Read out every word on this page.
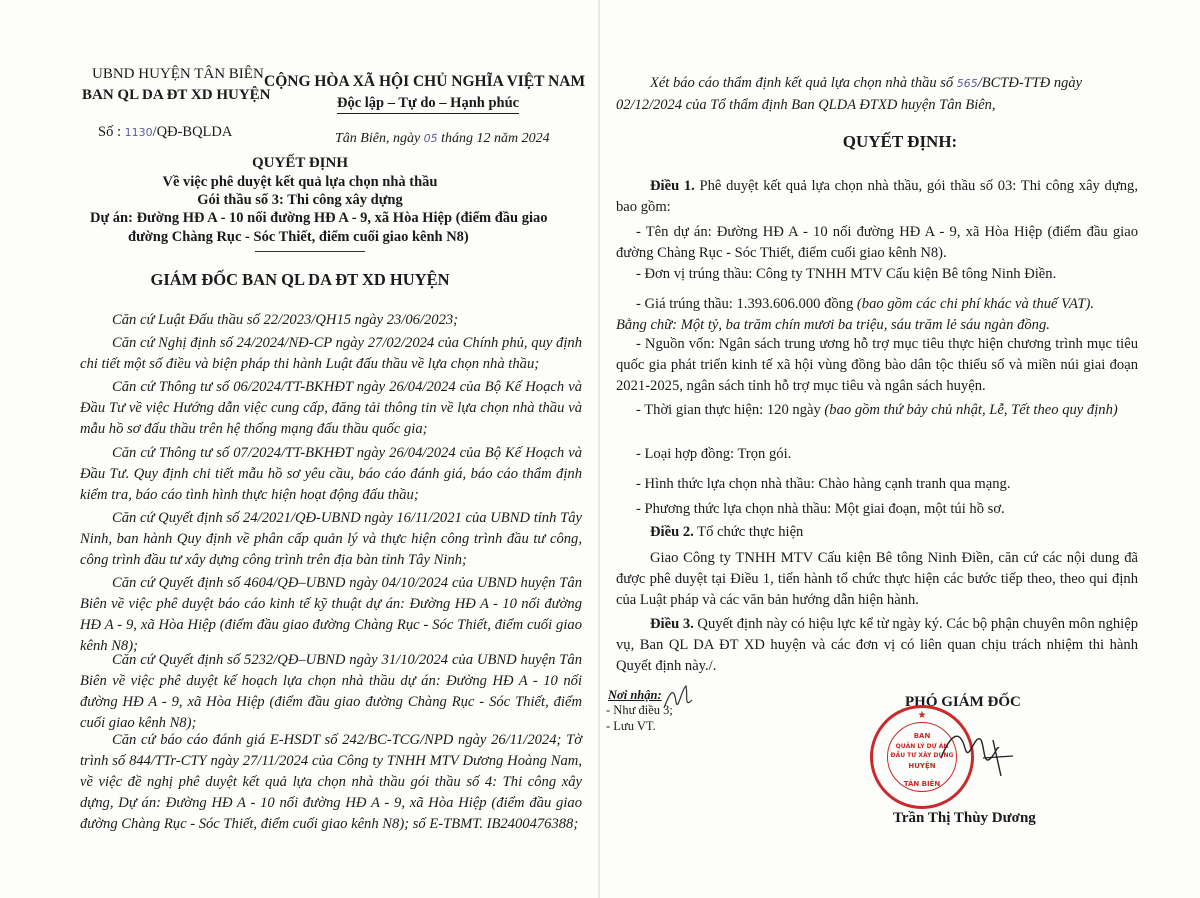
UBND HUYỆN TÂN BIÊN
BAN QL DA ĐT XD HUYỆN
CỘNG HÒA XÃ HỘI CHỦ NGHĨA VIỆT NAM
Độc lập – Tự do – Hạnh phúc
Số : 1130/QĐ-BQLDA	Tân Biên, ngày 05 tháng 12 năm 2024
QUYẾT ĐỊNH
Về việc phê duyệt kết quả lựa chọn nhà thầu
Gói thầu số 3: Thi công xây dựng
Dự án: Đường HĐ A - 10 nối đường HĐ A - 9, xã Hòa Hiệp (điểm đầu giao
đường Chàng Rục - Sóc Thiết, điểm cuối giao kênh N8)
GIÁM ĐỐC BAN QL DA ĐT XD HUYỆN
Căn cứ Luật Đấu thầu số 22/2023/QH15 ngày 23/06/2023;
Căn cứ Nghị định số 24/2024/NĐ-CP ngày 27/02/2024 của Chính phủ, quy định chi tiết một số điều và biện pháp thi hành Luật đấu thầu về lựa chọn nhà thầu;
Căn cứ Thông tư số 06/2024/TT-BKHĐT ngày 26/04/2024 của Bộ Kế Hoạch và Đầu Tư về việc Hướng dẫn việc cung cấp, đăng tải thông tin về lựa chọn nhà thầu và mẫu hồ sơ đấu thầu trên hệ thống mạng đấu thầu quốc gia;
Căn cứ Thông tư số 07/2024/TT-BKHĐT ngày 26/04/2024 của Bộ Kế Hoạch và Đầu Tư. Quy định chi tiết mẫu hồ sơ yêu cầu, báo cáo đánh giá, báo cáo thẩm định kiểm tra, báo cáo tình hình thực hiện hoạt động đấu thầu;
Căn cứ Quyết định số 24/2021/QĐ-UBND ngày 16/11/2021 của UBND tỉnh Tây Ninh, ban hành Quy định về phân cấp quản lý và thực hiện công trình đầu tư công, công trình đầu tư xây dựng công trình trên địa bàn tỉnh Tây Ninh;
Căn cứ Quyết định số 4604/QĐ–UBND ngày 04/10/2024 của UBND huyện Tân Biên về việc phê duyệt báo cáo kinh tế kỹ thuật dự án: Đường HĐ A - 10 nối đường HĐ A - 9, xã Hòa Hiệp (điểm đầu giao đường Chàng Rục - Sóc Thiết, điểm cuối giao kênh N8);
Căn cứ Quyết định số 5232/QĐ–UBND ngày 31/10/2024 của UBND huyện Tân Biên về việc phê duyệt kế hoạch lựa chọn nhà thầu dự án: Đường HĐ A - 10 nối đường HĐ A - 9, xã Hòa Hiệp (điểm đầu giao đường Chàng Rục - Sóc Thiết, điểm cuối giao kênh N8);
Căn cứ báo cáo đánh giá E-HSDT số 242/BC-TCG/NPD ngày 26/11/2024; Tờ trình số 844/TTr-CTY ngày 27/11/2024 của Công ty TNHH MTV Dương Hoàng Nam, về việc đề nghị phê duyệt kết quả lựa chọn nhà thầu gói thầu số 4: Thi công xây dựng, Dự án: Đường HĐ A - 10 nối đường HĐ A - 9, xã Hòa Hiệp (điểm đầu giao đường Chàng Rục - Sóc Thiết, điểm cuối giao kênh N8); số E-TBMT. IB2400476388;
Xét báo cáo thẩm định kết quả lựa chọn nhà thầu số 565/BCTĐ-TTĐ ngày
02/12/2024 của Tổ thẩm định Ban QLDA ĐTXD huyện Tân Biên,
QUYẾT ĐỊNH:
Điều 1. Phê duyệt kết quả lựa chọn nhà thầu, gói thầu số 03: Thi công xây dựng, bao gồm:
- Tên dự án: Đường HĐ A - 10 nối đường HĐ A - 9, xã Hòa Hiệp (điểm đầu giao đường Chàng Rục - Sóc Thiết, điểm cuối giao kênh N8).
- Đơn vị trúng thầu: Công ty TNHH MTV Cấu kiện Bê tông Ninh Điền.
- Giá trúng thầu: 1.393.606.000 đồng (bao gồm các chi phí khác và thuế VAT).
Bằng chữ: Một tỷ, ba trăm chín mươi ba triệu, sáu trăm lẻ sáu ngàn đồng.
- Nguồn vốn: Ngân sách trung ương hỗ trợ mục tiêu thực hiện chương trình mục tiêu quốc gia phát triển kinh tế xã hội vùng đồng bào dân tộc thiểu số và miền núi giai đoạn 2021-2025, ngân sách tỉnh hỗ trợ mục tiêu và ngân sách huyện.
- Thời gian thực hiện: 120 ngày (bao gồm thứ bảy chủ nhật, Lễ, Tết theo quy định)
- Loại hợp đồng: Trọn gói.
- Hình thức lựa chọn nhà thầu: Chào hàng cạnh tranh qua mạng.
- Phương thức lựa chọn nhà thầu: Một giai đoạn, một túi hồ sơ.
Điều 2. Tổ chức thực hiện
Giao Công ty TNHH MTV Cấu kiện Bê tông Ninh Điền, căn cứ các nội dung đã được phê duyệt tại Điều 1, tiến hành tổ chức thực hiện các bước tiếp theo, theo qui định của Luật pháp và các văn bản hướng dẫn hiện hành.
Điều 3. Quyết định này có hiệu lực kể từ ngày ký. Các bộ phận chuyên môn nghiệp vụ, Ban QL DA ĐT XD huyện và các đơn vị có liên quan chịu trách nhiệm thi hành Quyết định này./.
Nơi nhận:
- Như điều 3;
- Lưu VT.
PHÓ GIÁM ĐỐC
★
BAN
QUẢN LÝ DỰ ÁN
ĐẦU TƯ XÂY DỰNG
HUYỆN
TÂN BIÊN
Trần Thị Thùy Dương
